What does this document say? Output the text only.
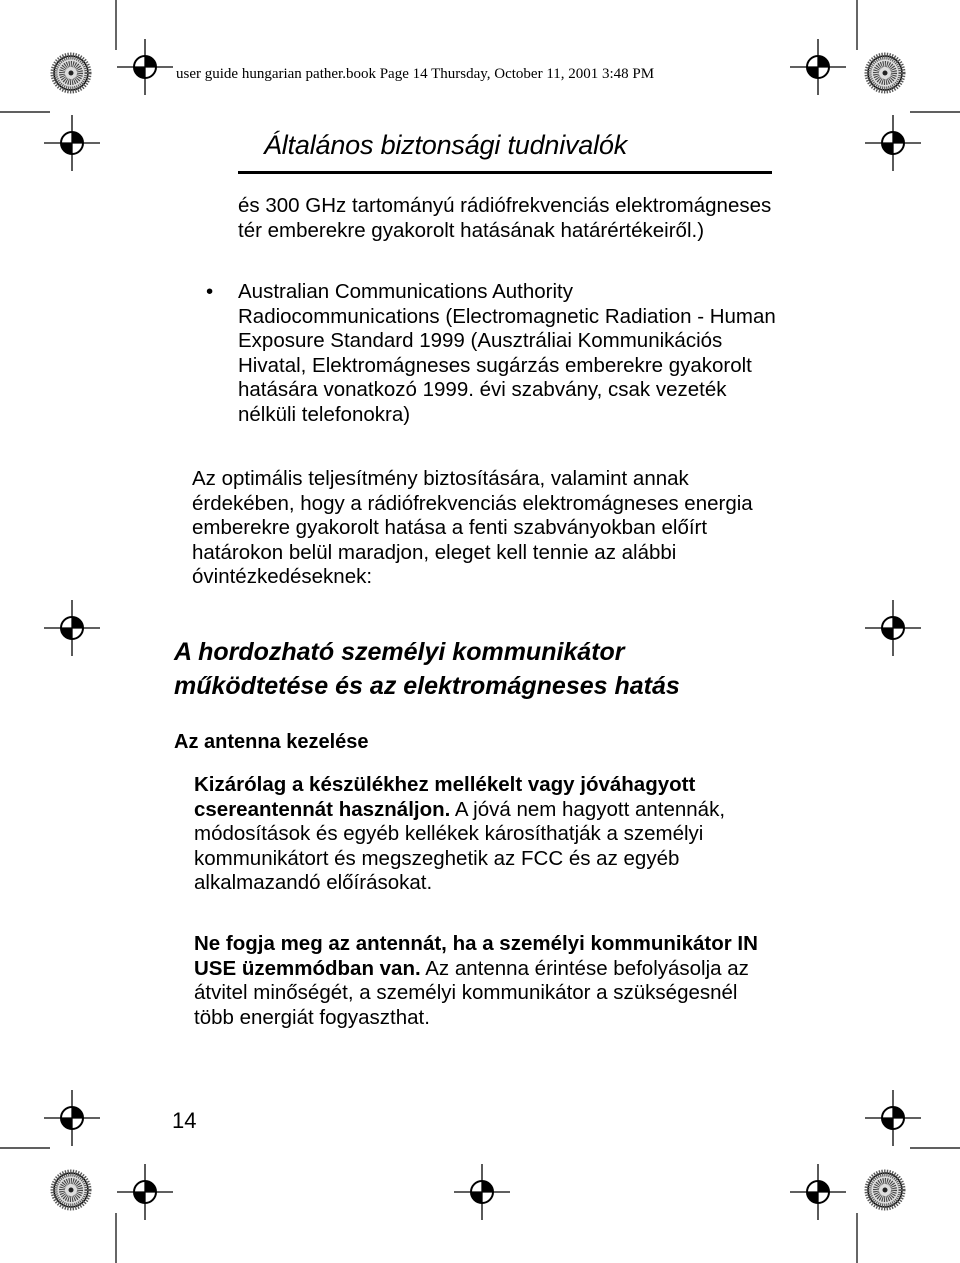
user guide hungarian pather.book Page 14 Thursday, October 11, 2001 3:48 PM
Általános biztonsági tudnivalók

és 300 GHz tartományú rádiófrekvenciás elektromágneses tér emberekre gyakorolt hatásának határértékeiről.)

• Australian Communications Authority Radiocommunications (Electromagnetic Radiation - Human Exposure Standard 1999 (Ausztráliai Kommunikációs Hivatal, Elektromágneses sugárzás emberekre gyakorolt hatására vonatkozó 1999. évi szabvány, csak vezeték nélküli telefonokra)

Az optimális teljesítmény biztosítására, valamint annak érdekében, hogy a rádiófrekvenciás elektromágneses energia emberekre gyakorolt hatása a fenti szabványokban előírt határokon belül maradjon, eleget kell tennie az alábbi óvintézkedéseknek:

A hordozható személyi kommunikátor
működtetése és az elektromágneses hatás
Az antenna kezelése

Kizárólag a készülékhez mellékelt vagy jóváhagyott csereantennát használjon. A jóvá nem hagyott antennák, módosítások és egyéb kellékek károsíthatják a személyi kommunikátort és megszeghetik az FCC és az egyéb alkalmazandó előírásokat.

Ne fogja meg az antennát, ha a személyi kommunikátor IN USE üzemmódban van. Az antenna érintése befolyásolja az átvitel minőségét, a személyi kommunikátor a szükségesnél több energiát fogyaszthat.

14
